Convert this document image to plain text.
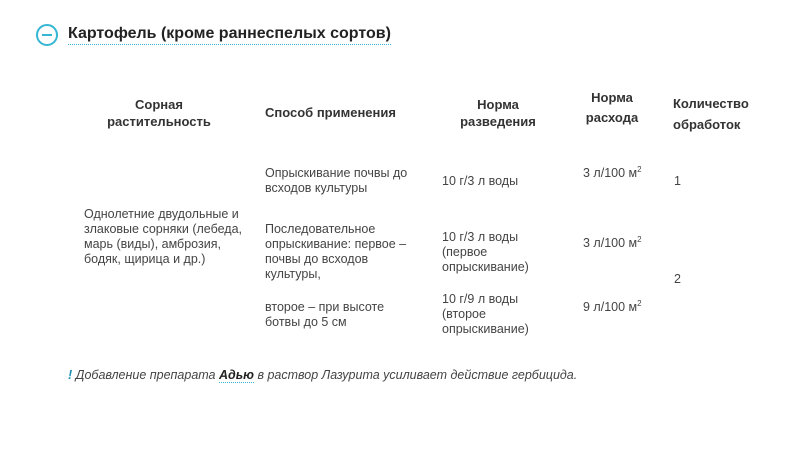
Картофель (кроме раннеспелых сортов)
Сорная растительность
Способ применения
Норма разведения
Норма расхода
Количество обработок
Однолетние двудольные и злаковые сорняки (лебеда, марь (виды), амброзия, бодяк, щирица и др.)
Опрыскивание почвы до всходов культуры	10 г/3 л воды
3 л/100 $м^2$
1
Последовательное опрыскивание: первое – почвы до всходов культуры,
10 г/3 л воды (первое опрыскивание)
3 л/100 $м^2$
2
второе – при высоте ботвы до 5 см
10 г/9 л воды (второе опрыскивание)
9 л/100 $м^2$
! Добавление препарата Адью в раствор Лазурита усиливает действие гербицида.
